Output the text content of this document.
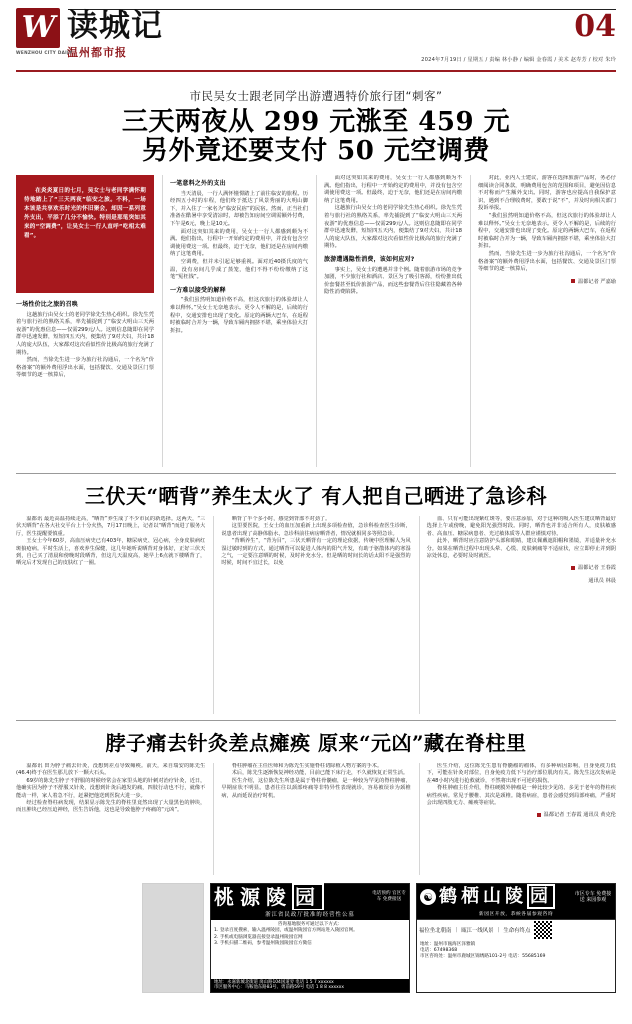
W 读城记
温州都市报
WENZHOU CITY DAILY
04
2024年7月19日 / 星期五 / 责编 林小静 / 编辑 金春霞 / 美术 赵寿芳 / 校对 朱玲
市民吴女士跟老同学出游遭遇特价旅行团“刺客”
三天两夜从 299 元涨至 459 元
另外竟还要支付 50 元空调费

在炎炎夏日的七月，吴女士与老同学满怀期待地踏上了“三天两夜”临安之旅。不料，一场本该是共享欢乐时光的怀旧聚会，却因一系列意外支出，平添了几分不愉快。特别是那笔突如其来的“空调费”，让吴女士一行人直呼“吃相太难看”。

一场性价比之旅的召唤

这趟旅行由吴女士的老同学徐先生热心组织。徐先生凭着与旅行社的熟络关系，率先捕捉到了“临安大明山三天两夜游”的优惠信息——仅需299元/人。这则信息随即在同学群中迅速发酵，短短四五天内，便集结了9对夫妇，共计18人的庞大队伍，大家都对这次看似性价比极高的旅行充满了期待。

然而，当徐先生进一步为旅行社沟通后，一个名为“价格备案”的额外费用浮出水面，包括餐饮、交通及景区门票等细节的逐一核算后，

一笔意料之外的支出

当天清晨，一行人满怀憧憬踏上了前往临安的旅程。历经四五小时的车程，他们终于抵达了风景秀丽的大明山脚下，并入住了一家名为“临安民宿”的民宿。然而，正当社们准备在酷暑中享受清凉时，却被告知房间空调需额外付费，下午是6元，晚上是10元。

面对这突如其来的费用，吴女士一行人都感到颇为不满。他们指出，行程中一开始约定的费用中，并没有包含空调使用费这一项。但最终，迫于无奈，他们还是在房间内缴纳了这笔费用。

空调费，但并未引起足够重视。面对近40摄氏度的气温，没有房间几乎成了蒸笼，他们不得不纷纷缴纳了这笔“冤枉钱”。

一方难以接受的解释

“我们虽然明知道价格不高，但这次旅行的体验却让人难以释怀。”吴女士无奈地表示。更令人不解的是，后续的行程中，交通安排也出现了变化。原定的两辆大巴车，在返程时被临时合并为一辆，导致车厢内拥挤不堪，乘坐体验大打折扣。

面对这突如其来的费用，吴女士一行人都感到颇为不满。他们指出，行程中一开始约定的费用中，并没有包含空调使用费这一项。但最终，迫于无奈，他们还是在房间内缴纳了这笔费用。

这趟旅行由吴女士的老同学徐先生热心组织。徐先生凭着与旅行社的熟络关系，率先捕捉到了“临安大明山三天两夜游”的优惠信息——仅需299元/人。这则信息随即在同学群中迅速发酵，短短四五天内，便集结了9对夫妇，共计18人的庞大队伍，大家都对这次看似性价比极高的旅行充满了期待。

旅游遭遇隐性消费，该如何应对?

事实上，吴女士的遭遇并非个例。随着旅游市场的竞争加剧，不少旅行社和酒店、景区为了吸引客源，纷纷推出低价套餐甚至低价旅游产品，而这些套餐背后往往隐藏着各种隐性消费陷阱。

对此，业内人士建议，游客在选择旅游产品时，务必仔细阅读合同条款，明确费用包含的范围和项目，避免因信息不对称而产生额外支出。同时，游客也应提高自我保护意识，遇到不合理收费时，要敢于说“不”，并及时向相关部门投诉举报。

“我们虽然明知道价格不高，但这次旅行的体验却让人难以释怀。”吴女士无奈地表示。更令人不解的是，后续的行程中，交通安排也出现了变化。原定的两辆大巴车，在返程时被临时合并为一辆，导致车厢内拥挤不堪，乘坐体验大打折扣。

然而，当徐先生进一步为旅行社沟通后，一个名为“价格备案”的额外费用浮出水面，包括餐饮、交通及景区门票等细节的逐一核算后，

温都记者 严嘉瑜
三伏天“晒背”养生太火了 有人把自己晒进了急诊科

温都讯 最近高温持续走高，“晒背”养生成了不少市民的新选择。这两天，“三伏天晒背”在各大社交平台上十分火热，7月17日晚上，记者以“晒背”而进了服务大厅，医生提醒要慎重。

王女士今年60岁，高血压病史已有403年，糖尿病史、冠心病，全身皮肤病红斑狼疮病。平时生活上，喜欢养生保健，这几年她听说晒背对身体好，正好三伏天到，自己买了清晨和傍晚时段晒背，但这几天温度高，她早上6点就下楼晒背了，晒完后才发现自己的皮肤红了一圈。

晒背了半个多小时，感觉到背部不对劲了。

这里要医院，王女士的血压加重新上出现多项检查值，急诊科检查医生诊断，说患者出现了高静体脂水，急诊科前往病房晒背者，情况就相同多等照急诊。

“背晒养生”，“背为目”，三伏天晒背有一定的理论依据，传统中医理解人为风湿过敏时到的方式，通过晒背可以促进人体内的阳气升发，有助于驱散体内的寒湿之气，一定要注意晒的时候，及时补充水分。但是晒的时间长的话太阳不是强烈的时候，时间不宜过长，以免

血、只有可能出现紫红斑等，要注意添加，对于这种的吸入医生建议晒背最好选择上午或傍晚，避免阳光强烈时段。同时，晒背也并非适合所有人，皮肤敏感者、高血压、糖尿病患者、光过敏体质等人群应谨慎对待。

此外，晒背时应注意防护头部和眼睛，建议佩戴遮阳帽和墨镜，并适量补充水分。如果在晒背过程中出现头晕、心慌、皮肤刺痛等不适症状，应立即停止并到阴凉处休息，必要时及时就医。

温都记者 王春霞
通讯员 林晨
脖子痛去针灸差点瘫痪 原来“元凶”藏在脊柱里

温都讯 田为脖子痛去针灸，没想到差点导致瘫痪。前天，来自瑞安的陈先生(46.4)终于在医生那儿放下一颗大石头。

69岁的陈先生脖子不舒服的时候经常会在家里头地的针刺对治疗针灸，近日，他确实因为脖子不舒服又针灸，没想到针灸后越发的痛，四肢行动也不行，就像不能动一样，家人着急不行，赶紧把他送到医院大进一步。

经过检查脊柱病发现，结果显示陈先生的脊柱里竟然出现了大量黑色的肿块，而且肿块已经压迫神经，医生告诉他，这也是导致他脖子疼痛的“元凶”。

脊柱肿瘤在主任医师和为陈先生实施脊柱切除植入物方案的手术。

术后，陈先生逐渐恢复神经功能，目前已能下床行走，不久就恢复正常生活。

医生介绍，这位陈先生所患是属于脊柱骨髓瘤，是一种较为罕见的脊柱肿瘤，早期症状不明显。患者往往以颈部疼痛等非特异性表现就诊，容易被误诊为颈椎病，从而延误治疗时机。

医生介绍，这位陈先生患有脊髓瘤的瘤体，有多种病因影响，自身免疫力低下，可能在针灸对部位，自身免疫力低下与治疗部位肌肉有关。陈先生这次发病是在48小时内进行抢救就诊，不然将出现不可逆的损伤。

脊柱肿瘤主任介绍，脊柱硬膜外肿瘤是一种比较少见的、多见于老年的脊柱疾病性疾病。常见于腰椎、其次是颈椎。随着病症，患者会感觉到局部疼痛，严重时会出现四肢无力、瘫痪等症状。

温都记者 王春霞 通讯员 黄克伦
桃源陵 园	电话预约 官区专车 免费接送
浙江省民政厅批准的经营性公墓
咨询墓地服务可通过以下方式：
1. 登录百度搜索，输入温州陵园，或温州陵园官方网站进入陵园官网。
2. 手机或电脑浏览器直接登录温州陵园官网
3. 手机扫描二维码，参考温州陵园陵园官方微信
地址：永嘉新城北街道 岗山路104国道旁 电话 1 5 7 xxxxxx
市区服务中心：马鞍池东路83号、勇前路59号 电话 1 8 8 xxxxxx
☯ 鹤栖山陵 园	市区专车 免费接送 来园参观
新园区开放，恭候各届参观咨询
福位坐北朝南 | 瓯江一线风景 | 生命有终点
地址：温州市瓯海区泽雅镇
电话：67498368
市区咨询处：温州市鹿城区锦绣路101-2号 电话：55685169
